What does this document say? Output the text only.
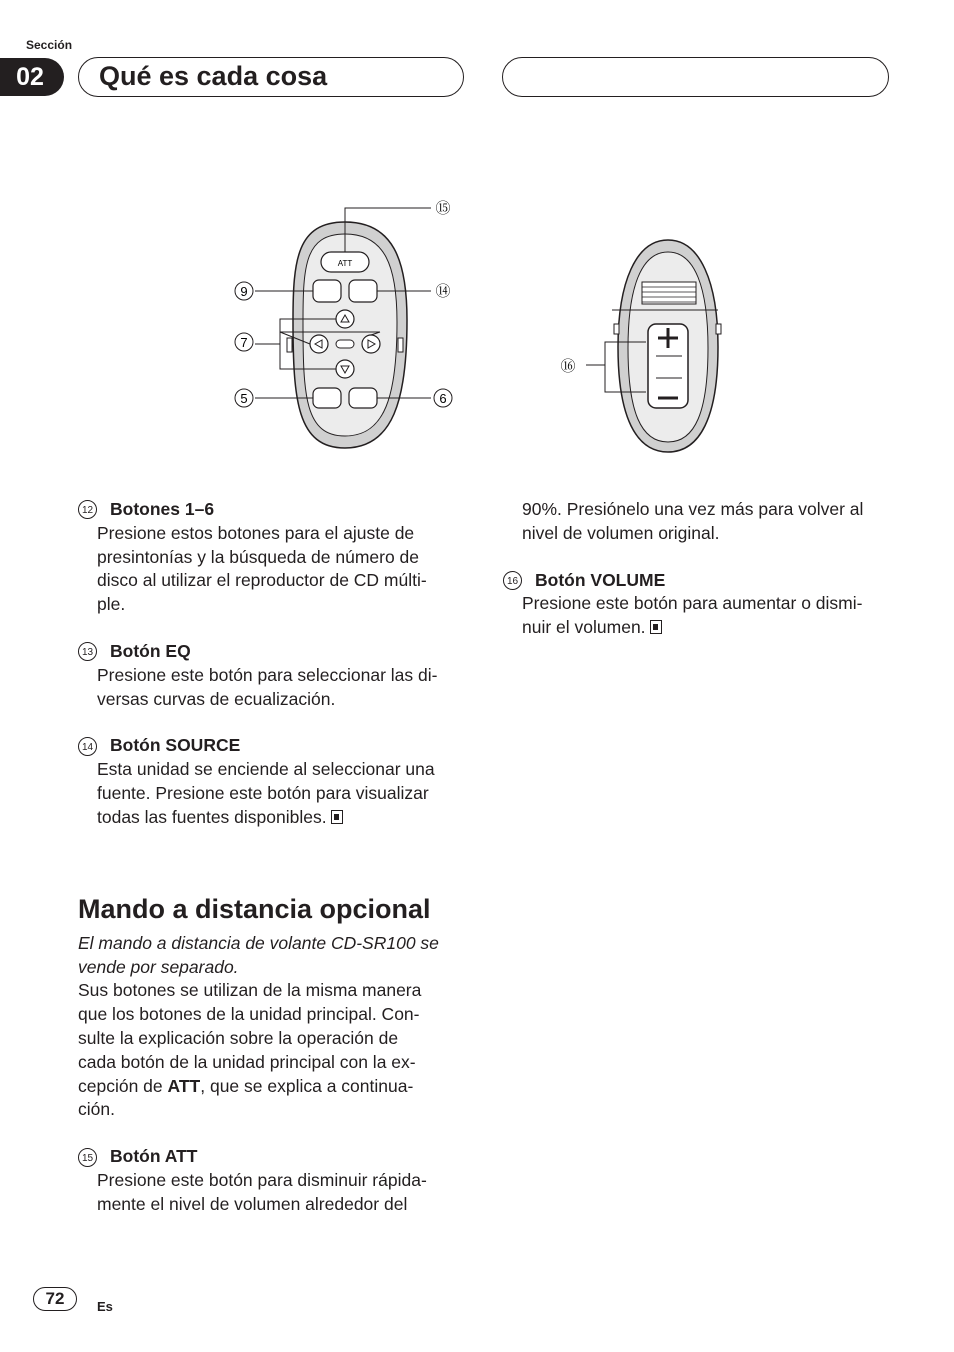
Sección
02	Qué es cada cosa
ATT
⑮
⑭
9
7
5	6
⑯
12 Botones 1–6
Presione estos botones para el ajuste de
presintonías y la búsqueda de número de
disco al utilizar el reproductor de CD múlti-
ple.
13 Botón EQ
Presione este botón para seleccionar las di-
versas curvas de ecualización.
14 Botón SOURCE
Esta unidad se enciende al seleccionar una
fuente. Presione este botón para visualizar
todas las fuentes disponibles.
Mando a distancia opcional
El mando a distancia de volante CD-SR100 se
vende por separado.
Sus botones se utilizan de la misma manera
que los botones de la unidad principal. Con-
sulte la explicación sobre la operación de
cada botón de la unidad principal con la ex-
cepción de ATT, que se explica a continua-
ción.
15 Botón ATT
Presione este botón para disminuir rápida-
mente el nivel de volumen alrededor del
90%. Presiónelo una vez más para volver al
nivel de volumen original.
16 Botón VOLUME
Presione este botón para aumentar o dismi-
nuir el volumen.
72	Es
